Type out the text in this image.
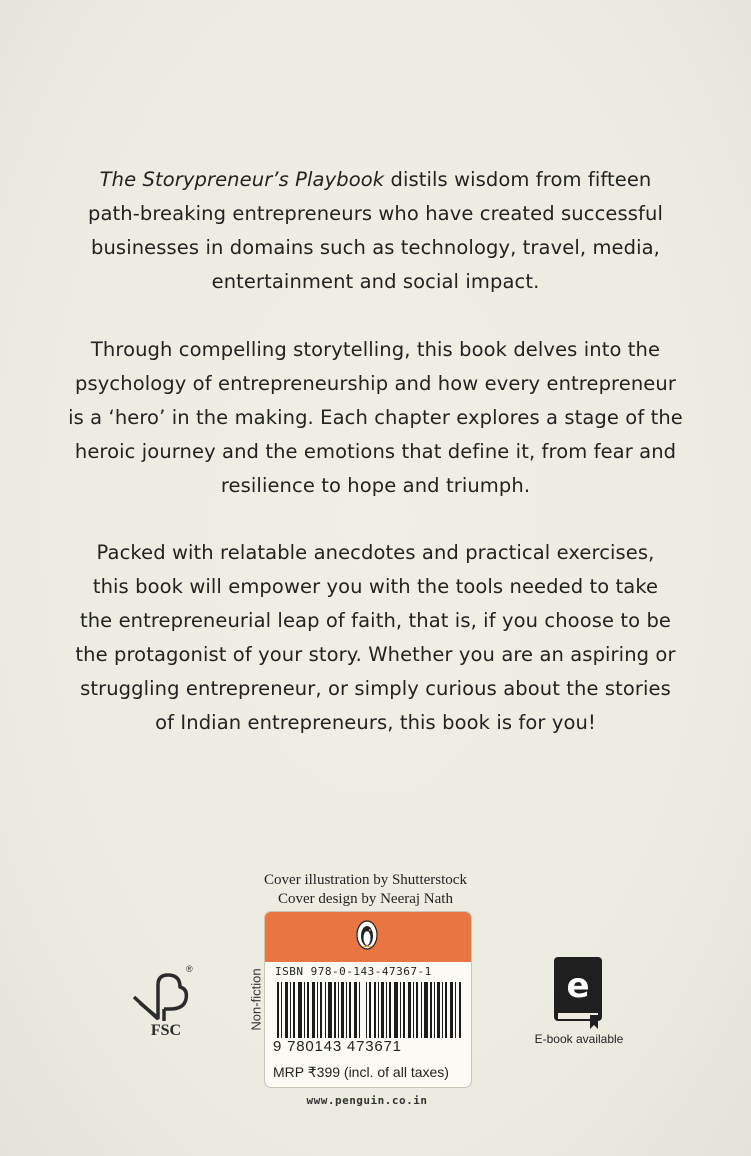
The Storypreneur’s Playbook distils wisdom from fifteen
path-breaking entrepreneurs who have created successful
businesses in domains such as technology, travel, media,
entertainment and social impact.
Through compelling storytelling, this book delves into the
psychology of entrepreneurship and how every entrepreneur
is a ‘hero’ in the making. Each chapter explores a stage of the
heroic journey and the emotions that define it, from fear and
resilience to hope and triumph.
Packed with relatable anecdotes and practical exercises,
this book will empower you with the tools needed to take
the entrepreneurial leap of faith, that is, if you choose to be
the protagonist of your story. Whether you are an aspiring or
struggling entrepreneur, or simply curious about the stories
of Indian entrepreneurs, this book is for you!
Cover illustration by Shutterstock
Cover design by Neeraj Nath
®
FSC	Non-fiction ISBN 978-0-143-47367-1
9 780143 473671
MRP ₹399 (incl. of all taxes)
www.penguin.co.in
e
E-book available
